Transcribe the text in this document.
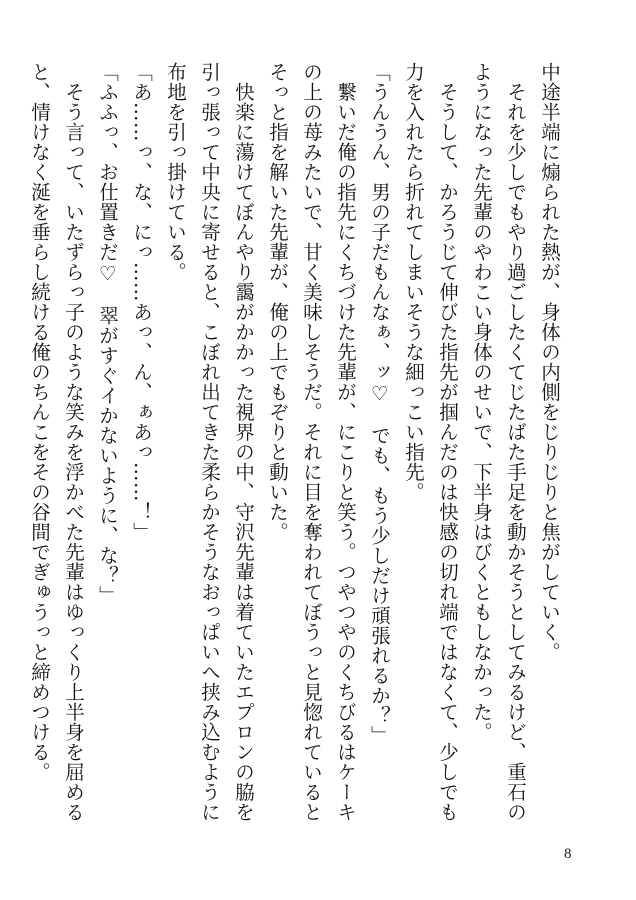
中途半端に煽られた熱が、身体の内側をじりじりと焦がしていく。
　それを少しでもやり過ごしたくてじたばた手足を動かそうとしてみるけど、重石の
ようになった先輩のやわこい身体のせいで、下半身はびくともしなかった。
　そうして、かろうじて伸びた指先が掴んだのは快感の切れ端ではなくて、少しでも
力を入れたら折れてしまいそうな細っこい指先。
「うんうん、男の子だもんなぁ、ッ♡　でも、もう少しだけ頑張れるか？」
　繋いだ俺の指先にくちづけた先輩が、にこりと笑う。つやつやのくちびるはケーキ
の上の苺みたいで、甘く美味しそうだ。それに目を奪われてぼうっと見惚れていると
そっと指を解いた先輩が、俺の上でもぞりと動いた。
　快楽に蕩けてぼんやり靄がかかった視界の中、守沢先輩は着ていたエプロンの脇を
引っ張って中央に寄せると、こぼれ出てきた柔らかそうなおっぱいへ挟み込むように
布地を引っ掛けている。
「あ……っ、な、にっ……あっ、ん、ぁあっ……！」
「ふふっ、お仕置きだ♡　翠がすぐイかないように、な？」
　そう言って、いたずらっ子のような笑みを浮かべた先輩はゆっくり上半身を屈める
と、情けなく涎を垂らし続ける俺のちんこをその谷間でぎゅうっと締めつける。
8
